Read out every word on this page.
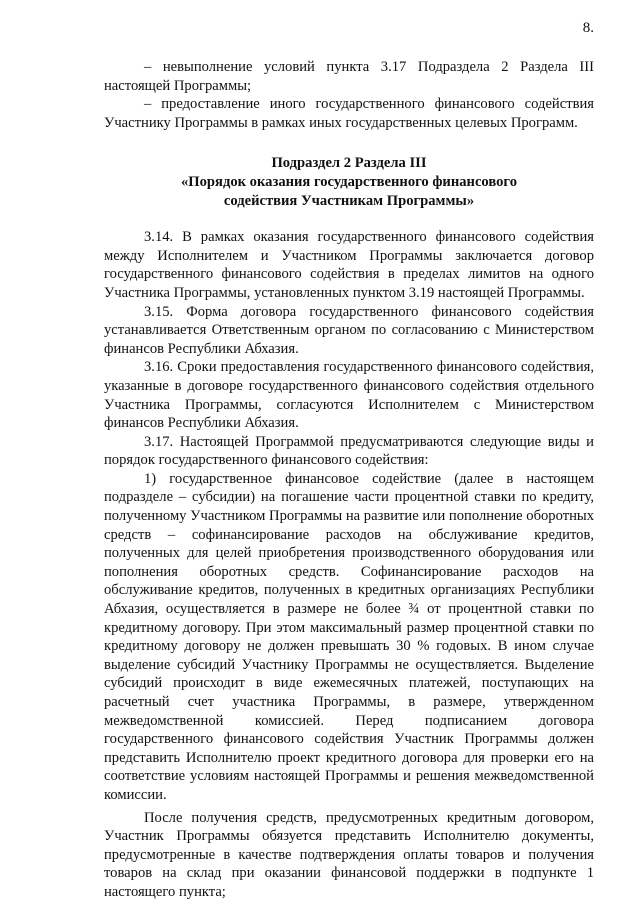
8.

– невыполнение условий пункта 3.17 Подраздела 2 Раздела III настоящей Программы;

– предоставление иного государственного финансового содействия Участнику Программы в рамках иных государственных целевых Программ.

Подраздел 2 Раздела III
«Порядок оказания государственного финансового
содействия Участникам Программы»

3.14. В рамках оказания государственного финансового содействия между Исполнителем и Участником Программы заключается договор государственного финансового содействия в пределах лимитов на одного Участника Программы, установленных пунктом 3.19 настоящей Программы.

3.15. Форма договора государственного финансового содействия устанавливается Ответственным органом по согласованию с Министерством финансов Республики Абхазия.

3.16. Сроки предоставления государственного финансового содействия, указанные в договоре государственного финансового содействия отдельного Участника Программы, согласуются Исполнителем с Министерством финансов Республики Абхазия.

3.17. Настоящей Программой предусматриваются следующие виды и порядок государственного финансового содействия:

1) государственное финансовое содействие (далее в настоящем подразделе – субсидии) на погашение части процентной ставки по кредиту, полученному Участником Программы на развитие или пополнение оборотных средств – софинансирование расходов на обслуживание кредитов, полученных для целей приобретения производственного оборудования или пополнения оборотных средств. Софинансирование расходов на обслуживание кредитов, полученных в кредитных организациях Республики Абхазия, осуществляется в размере не более ¾ от процентной ставки по кредитному договору. При этом максимальный размер процентной ставки по кредитному договору не должен превышать 30 % годовых. В ином случае выделение субсидий Участнику Программы не осуществляется. Выделение субсидий происходит в виде ежемесячных платежей, поступающих на расчетный счет участника Программы, в размере, утвержденном межведомственной комиссией. Перед подписанием договора государственного финансового содействия Участник Программы должен представить Исполнителю проект кредитного договора для проверки его на соответствие условиям настоящей Программы и решения межведомственной комиссии.

После получения средств, предусмотренных кредитным договором, Участник Программы обязуется представить Исполнителю документы, предусмотренные в качестве подтверждения оплаты товаров и получения товаров на склад при оказании финансовой поддержки в подпункте 1 настоящего пункта;
